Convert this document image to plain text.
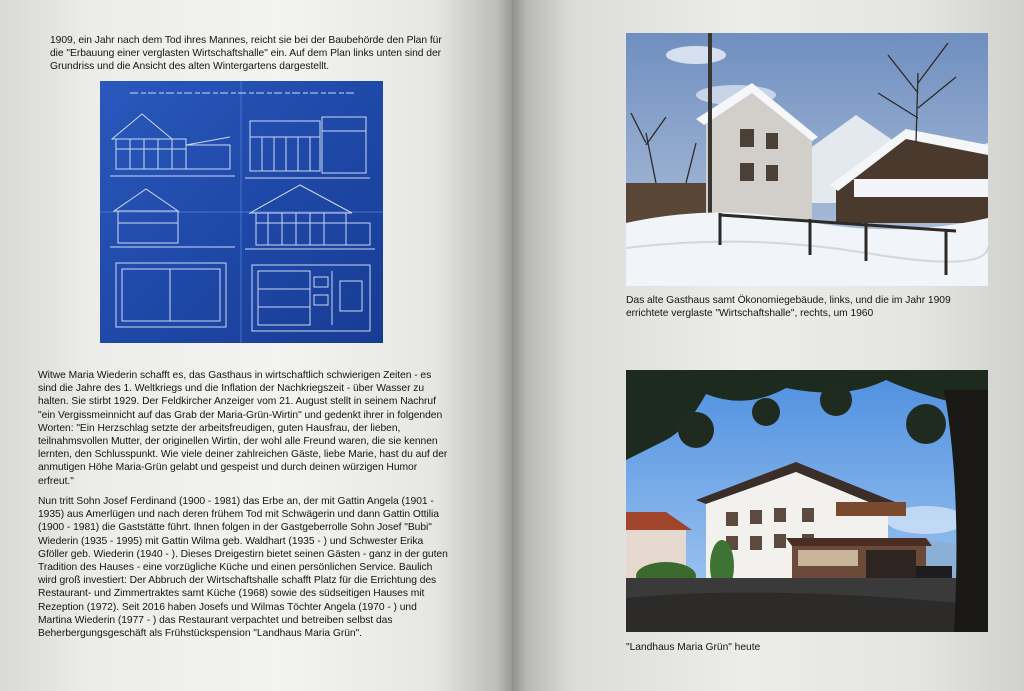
1909, ein Jahr nach dem Tod ihres Mannes, reicht sie bei der Baubehörde den Plan für die "Erbauung einer verglasten Wirtschaftshalle" ein. Auf dem Plan links unten sind der Grundriss und die Ansicht des alten Wintergartens dargestellt.

Witwe Maria Wiederin schafft es, das Gasthaus in wirtschaftlich schwierigen Zeiten - es sind die Jahre des 1. Weltkriegs und die Inflation der Nachkriegszeit - über Wasser zu halten. Sie stirbt 1929. Der Feldkircher Anzeiger vom 21. August stellt in seinem Nachruf "ein Vergissmeinnicht auf das Grab der Maria-Grün-Wirtin" und gedenkt ihrer in folgenden Worten: "Ein Herzschlag setzte der arbeitsfreudigen, guten Hausfrau, der lieben, teilnahmsvollen Mutter, der originellen Wirtin, der wohl alle Freund waren, die sie kennen lernten, den Schlusspunkt. Wie viele deiner zahlreichen Gäste, liebe Marie, hast du auf der anmutigen Höhe Maria-Grün gelabt und gespeist und durch deinen würzigen Humor erfreut."

Nun tritt Sohn Josef Ferdinand (1900 - 1981) das Erbe an, der mit Gattin Angela (1901 - 1935) aus Amerlügen und nach deren frühem Tod mit Schwägerin und dann Gattin Ottilia (1900 - 1981) die Gaststätte führt. Ihnen folgen in der Gastgeberrolle Sohn Josef "Bubi" Wiederin (1935 - 1995) mit Gattin Wilma geb. Waldhart (1935 - ) und Schwester Erika Gföller geb. Wiederin (1940 - ). Dieses Dreigestirn bietet seinen Gästen - ganz in der guten Tradition des Hauses - eine vorzügliche Küche und einen persönlichen Service. Baulich wird groß investiert: Der Abbruch der Wirtschaftshalle schafft Platz für die Errichtung des Restaurant- und Zimmertraktes samt Küche (1968) sowie des südseitigen Hauses mit Rezeption (1972). Seit 2016 haben Josefs und Wilmas Töchter Angela (1970 - ) und Martina Wiederin (1977 - ) das Restaurant verpachtet und betreiben selbst das Beherbergungsgeschäft als Frühstückspension "Landhaus Maria Grün".

Das alte Gasthaus samt Ökonomiegebäude, links, und die im Jahr 1909 errichtete verglaste "Wirtschaftshalle", rechts, um 1960

"Landhaus Maria Grün" heute
